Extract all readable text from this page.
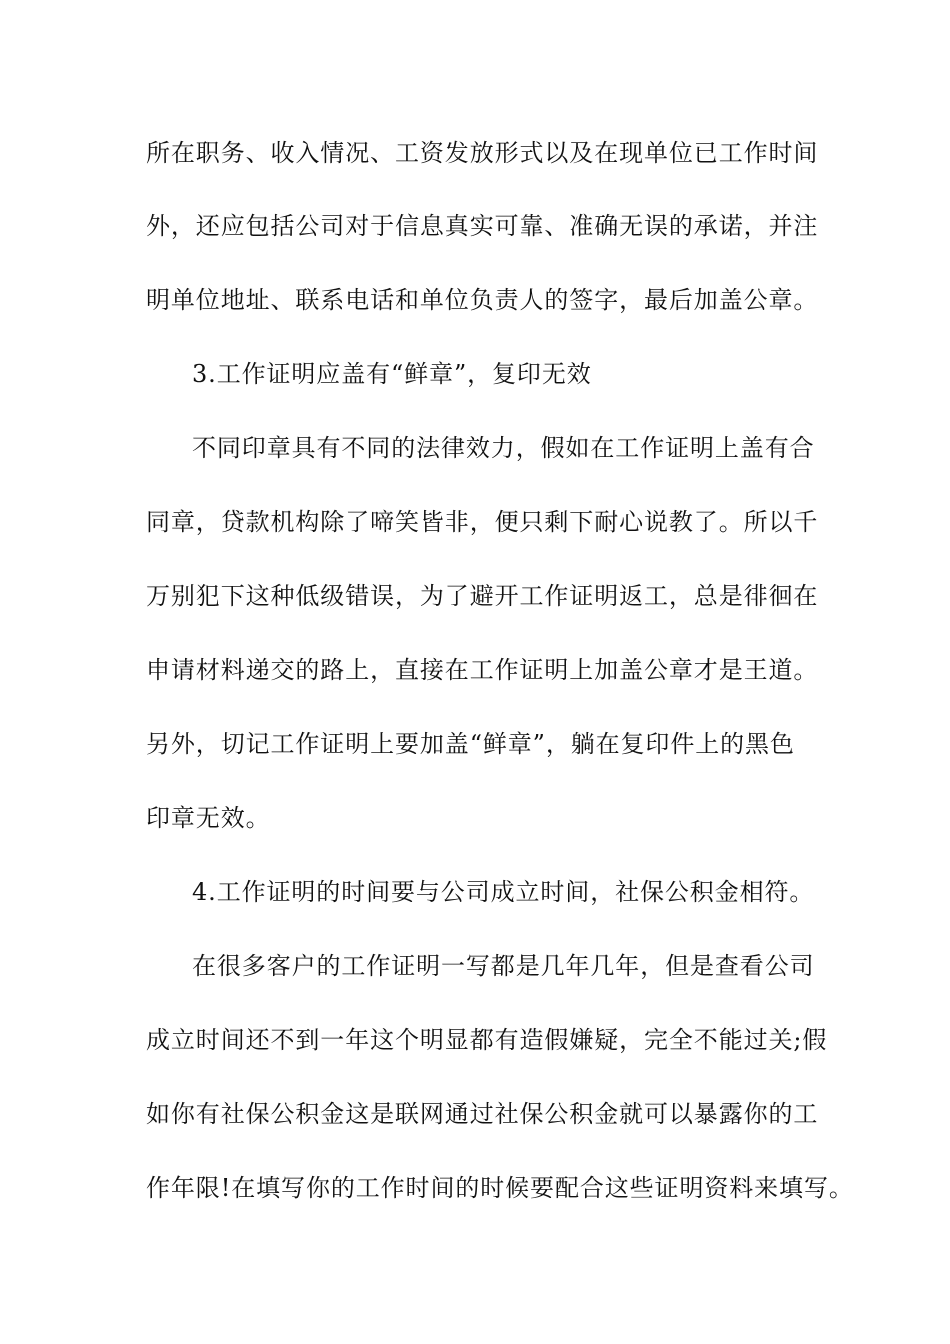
所在职务、收入情况、工资发放形式以及在现单位已工作时间
外，还应包括公司对于信息真实可靠、准确无误的承诺，并注
明单位地址、联系电话和单位负责人的签字，最后加盖公章。
3.工作证明应盖有“鲜章”，复印无效
不同印章具有不同的法律效力，假如在工作证明上盖有合
同章，贷款机构除了啼笑皆非，便只剩下耐心说教了。所以千
万别犯下这种低级错误，为了避开工作证明返工，总是徘徊在
申请材料递交的路上，直接在工作证明上加盖公章才是王道。
另外，切记工作证明上要加盖“鲜章”，躺在复印件上的黑色
印章无效。
4.工作证明的时间要与公司成立时间，社保公积金相符。
在很多客户的工作证明一写都是几年几年，但是查看公司
成立时间还不到一年这个明显都有造假嫌疑，完全不能过关;假
如你有社保公积金这是联网通过社保公积金就可以暴露你的工
作年限!在填写你的工作时间的时候要配合这些证明资料来填写。
